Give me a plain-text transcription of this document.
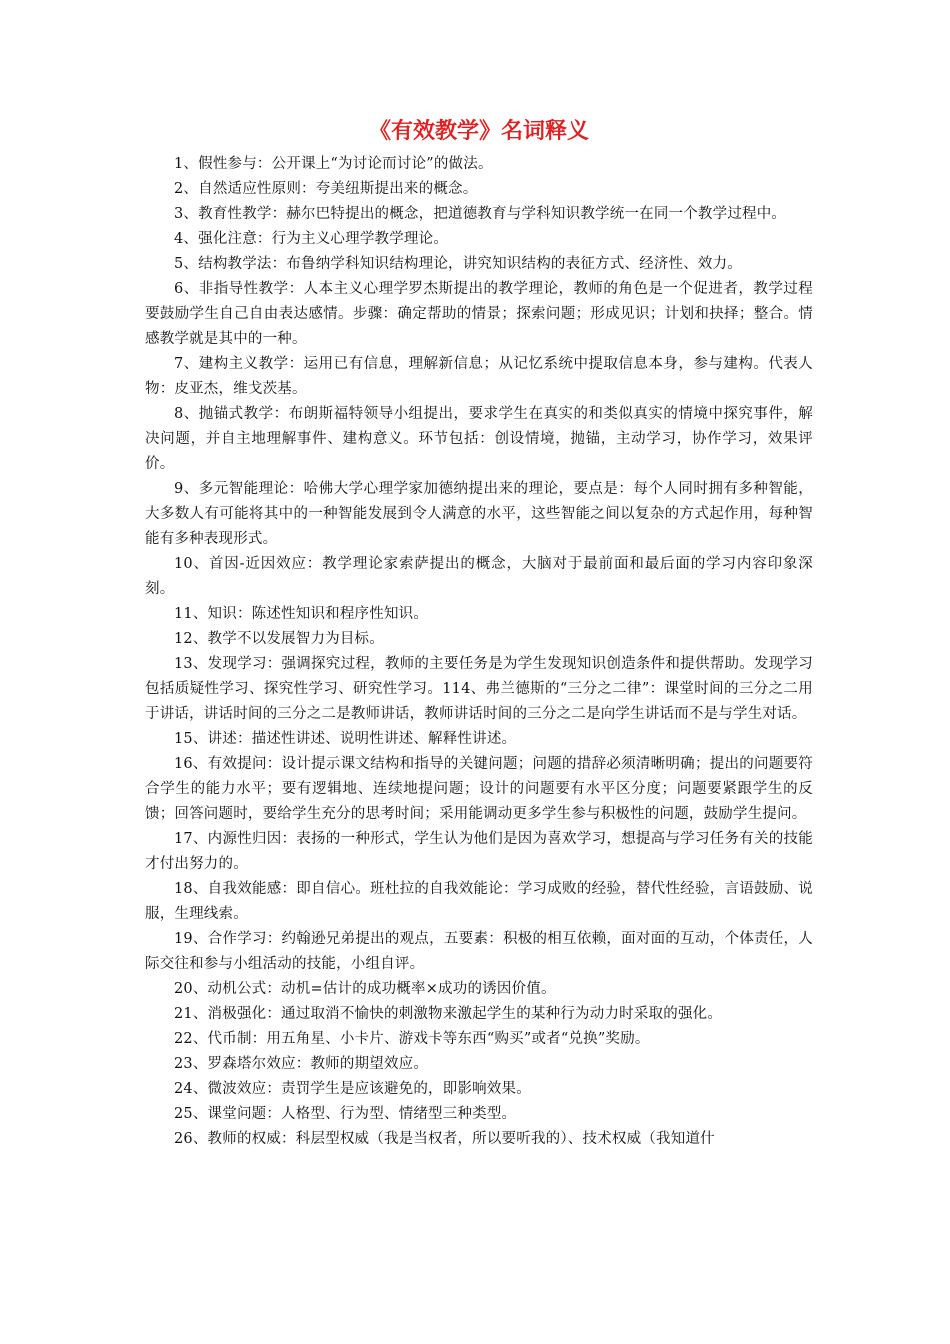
《有效教学》名词释义

1、假性参与：公开课上“为讨论而讨论”的做法。

2、自然适应性原则：夸美纽斯提出来的概念。

3、教育性教学：赫尔巴特提出的概念，把道德教育与学科知识教学统一在同一个教学过程中。

4、强化注意：行为主义心理学教学理论。

5、结构教学法：布鲁纳学科知识结构理论，讲究知识结构的表征方式、经济性、效力。

6、非指导性教学：人本主义心理学罗杰斯提出的教学理论，教师的角色是一个促进者，教学过程要鼓励学生自己自由表达感情。步骤：确定帮助的情景；探索问题；形成见识；计划和抉择；整合。情感教学就是其中的一种。

7、建构主义教学：运用已有信息，理解新信息；从记忆系统中提取信息本身，参与建构。代表人物：皮亚杰，维戈茨基。

8、抛锚式教学：布朗斯福特领导小组提出，要求学生在真实的和类似真实的情境中探究事件，解决问题，并自主地理解事件、建构意义。环节包括：创设情境，抛锚，主动学习，协作学习，效果评价。

9、多元智能理论：哈佛大学心理学家加德纳提出来的理论，要点是：每个人同时拥有多种智能，大多数人有可能将其中的一种智能发展到令人满意的水平，这些智能之间以复杂的方式起作用，每种智能有多种表现形式。

10、首因-近因效应：教学理论家索萨提出的概念，大脑对于最前面和最后面的学习内容印象深刻。

11、知识：陈述性知识和程序性知识。

12、教学不以发展智力为目标。

13、发现学习：强调探究过程，教师的主要任务是为学生发现知识创造条件和提供帮助。发现学习包括质疑性学习、探究性学习、研究性学习。114、弗兰德斯的“三分之二律”：课堂时间的三分之二用于讲话，讲话时间的三分之二是教师讲话，教师讲话时间的三分之二是向学生讲话而不是与学生对话。

15、讲述：描述性讲述、说明性讲述、解释性讲述。

16、有效提问：设计提示课文结构和指导的关键问题；问题的措辞必须清晰明确；提出的问题要符合学生的能力水平；要有逻辑地、连续地提问题；设计的问题要有水平区分度；问题要紧跟学生的反馈；回答问题时，要给学生充分的思考时间；采用能调动更多学生参与积极性的问题，鼓励学生提问。

17、内源性归因：表扬的一种形式，学生认为他们是因为喜欢学习，想提高与学习任务有关的技能才付出努力的。

18、自我效能感：即自信心。班杜拉的自我效能论：学习成败的经验，替代性经验，言语鼓励、说服，生理线索。

19、合作学习：约翰逊兄弟提出的观点，五要素：积极的相互依赖，面对面的互动，个体责任，人际交往和参与小组活动的技能，小组自评。

20、动机公式：动机=估计的成功概率×成功的诱因价值。

21、消极强化：通过取消不愉快的刺激物来激起学生的某种行为动力时采取的强化。

22、代币制：用五角星、小卡片、游戏卡等东西“购买”或者“兑换”奖励。

23、罗森塔尔效应：教师的期望效应。

24、微波效应：责罚学生是应该避免的，即影响效果。

25、课堂问题：人格型、行为型、情绪型三种类型。

26、教师的权威：科层型权威（我是当权者，所以要听我的）、技术权威（我知道什
